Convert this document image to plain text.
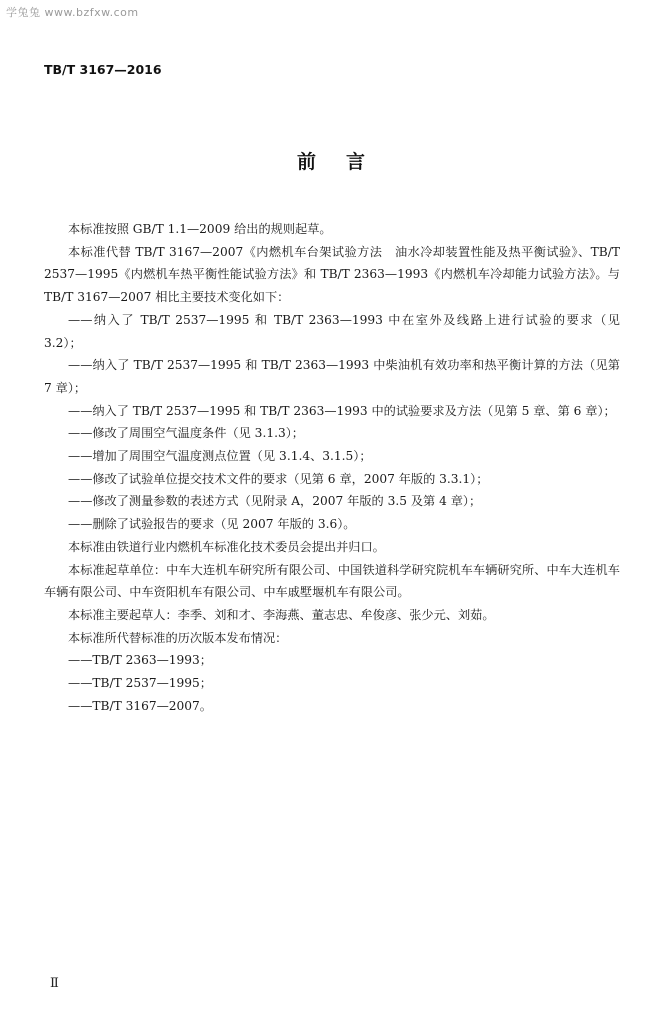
学兔兔 www.bzfxw.com
TB/T 3167—2016
前言

本标准按照 GB/T 1.1—2009 给出的规则起草。

本标准代替 TB/T 3167—2007《内燃机车台架试验方法　油水冷却装置性能及热平衡试验》、TB/T 2537—1995《内燃机车热平衡性能试验方法》和 TB/T 2363—1993《内燃机车冷却能力试验方法》。与 TB/T 3167—2007 相比主要技术变化如下：

——纳入了 TB/T 2537—1995 和 TB/T 2363—1993 中在室外及线路上进行试验的要求（见 3.2）；

——纳入了 TB/T 2537—1995 和 TB/T 2363—1993 中柴油机有效功率和热平衡计算的方法（见第 7 章）；

——纳入了 TB/T 2537—1995 和 TB/T 2363—1993 中的试验要求及方法（见第 5 章、第 6 章）；

——修改了周围空气温度条件（见 3.1.3）；

——增加了周围空气温度测点位置（见 3.1.4、3.1.5）；

——修改了试验单位提交技术文件的要求（见第 6 章，2007 年版的 3.3.1）；

——修改了测量参数的表述方式（见附录 A，2007 年版的 3.5 及第 4 章）；

——删除了试验报告的要求（见 2007 年版的 3.6）。

本标准由铁道行业内燃机车标准化技术委员会提出并归口。

本标准起草单位：中车大连机车研究所有限公司、中国铁道科学研究院机车车辆研究所、中车大连机车车辆有限公司、中车资阳机车有限公司、中车戚墅堰机车有限公司。

本标准主要起草人：李季、刘和才、李海燕、董志忠、牟俊彦、张少元、刘茹。

本标准所代替标准的历次版本发布情况：

——TB/T 2363—1993；

——TB/T 2537—1995；

——TB/T 3167—2007。

Ⅱ
